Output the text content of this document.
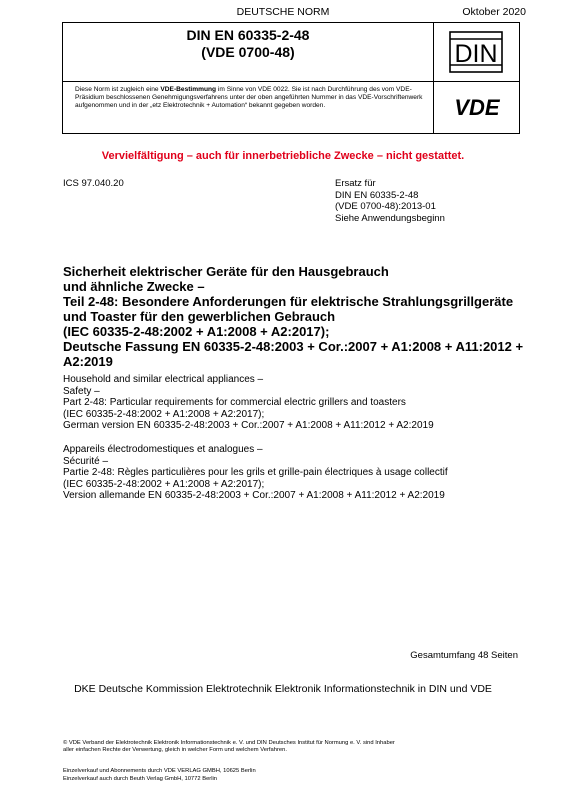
DEUTSCHE NORM	Oktober 2020
DIN EN 60335-2-48
(VDE 0700-48)
Diese Norm ist zugleich eine VDE-Bestimmung im Sinne von VDE 0022. Sie ist nach Durchführung des vom VDE-Präsidium beschlossenen Genehmigungsverfahrens unter der oben angeführten Nummer in das VDE-Vorschriftenwerk aufgenommen und in der „etz Elektrotechnik + Automation“ bekannt gegeben worden.
DIN
VDE
Vervielfältigung – auch für innerbetriebliche Zwecke – nicht gestattet.
ICS 97.040.20	Ersatz für
DIN EN 60335-2-48
(VDE 0700-48):2013-01
Siehe Anwendungsbeginn
Sicherheit elektrischer Geräte für den Hausgebrauch
und ähnliche Zwecke –
Teil 2-48: Besondere Anforderungen für elektrische Strahlungsgrillgeräte
und Toaster für den gewerblichen Gebrauch
(IEC 60335-2-48:2002 + A1:2008 + A2:2017);
Deutsche Fassung EN 60335-2-48:2003 + Cor.:2007 + A1:2008 + A11:2012 +
A2:2019
Household and similar electrical appliances –
Safety –
Part 2-48: Particular requirements for commercial electric grillers and toasters
(IEC 60335-2-48:2002 + A1:2008 + A2:2017);
German version EN 60335-2-48:2003 + Cor.:2007 + A1:2008 + A11:2012 + A2:2019
Appareils électrodomestiques et analogues –
Sécurité –
Partie 2-48: Règles particulières pour les grils et grille-pain électriques à usage collectif
(IEC 60335-2-48:2002 + A1:2008 + A2:2017);
Version allemande EN 60335-2-48:2003 + Cor.:2007 + A1:2008 + A11:2012 + A2:2019
Gesamtumfang 48 Seiten
DKE Deutsche Kommission Elektrotechnik Elektronik Informationstechnik in DIN und VDE
© VDE Verband der Elektrotechnik Elektronik Informationstechnik e. V. und DIN Deutsches Institut für Normung e. V. sind Inhaber
aller einfachen Rechte der Verwertung, gleich in welcher Form und welchem Verfahren.
Einzelverkauf und Abonnements durch VDE VERLAG GMBH, 10625 Berlin
Einzelverkauf auch durch Beuth Verlag GmbH, 10772 Berlin
